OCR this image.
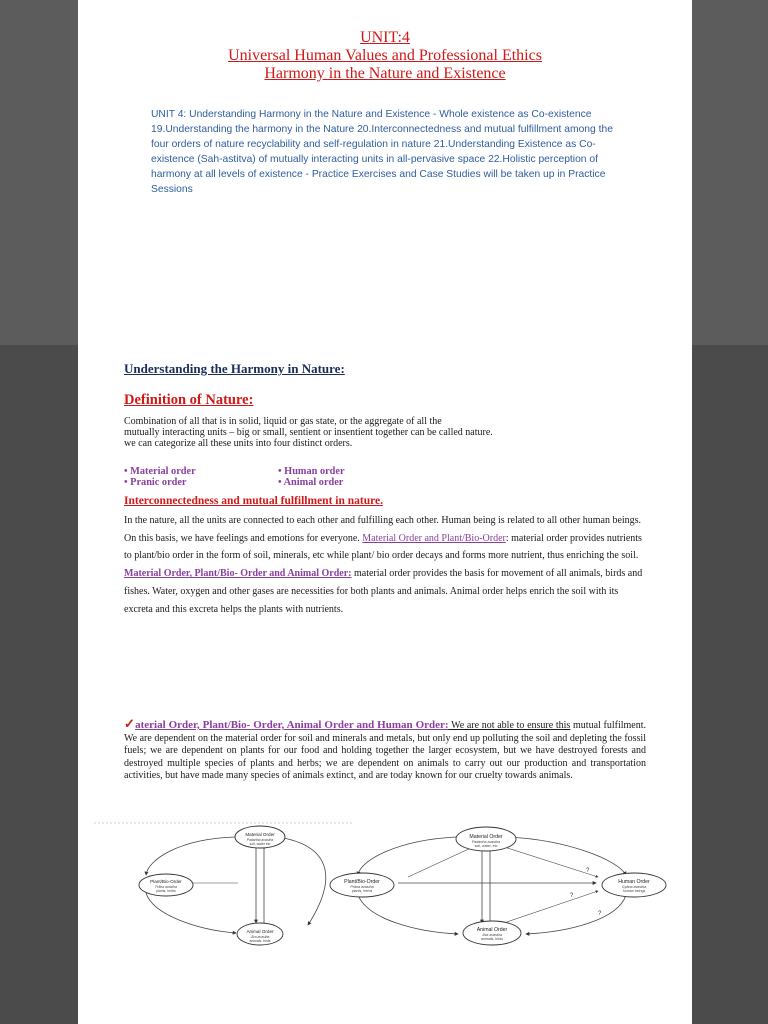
UNIT:4
Universal Human Values and Professional Ethics
Harmony in the Nature and Existence
UNIT 4: Understanding Harmony in the Nature and Existence - Whole existence as Co-existence 19.Understanding the harmony in the Nature 20.Interconnectedness and mutual fulfillment among the four orders of nature recyclability and self-regulation in nature 21.Understanding Existence as Co-existence (Sah-astitva) of mutually interacting units in all-pervasive space 22.Holistic perception of harmony at all levels of existence - Practice Exercises and Case Studies will be taken up in Practice Sessions
Understanding the Harmony in Nature:
Definition of Nature:
Combination of all that is in solid, liquid or gas state, or the aggregate of all the
mutually interacting units – big or small, sentient or insentient together can be called nature.
we can categorize all these units into four distinct orders.
• Material order
• Pranic order
• Human order
• Animal order
Interconnectedness and mutual fulfillment in nature.
In the nature, all the units are connected to each other and fulfilling each other. Human being is related to all other human beings. On this basis, we have feelings and emotions for everyone. Material Order and Plant/Bio-Order: material order provides nutrients to plant/bio order in the form of soil, minerals, etc while plant/ bio order decays and forms more nutrient, thus enriching the soil. Material Order, Plant/Bio- Order and Animal Order: material order provides the basis for movement of all animals, birds and fishes. Water, oxygen and other gases are necessities for both plants and animals. Animal order helps enrich the soil with its excreta and this excreta helps the plants with nutrients.
✓aterial Order, Plant/Bio- Order, Animal Order and Human Order: We are not able to ensure this mutual fulfilment. We are dependent on the material order for soil and minerals and metals, but only end up polluting the soil and depleting the fossil fuels; we are dependent on plants for our food and holding together the larger ecosystem, but we have destroyed forests and destroyed multiple species of plants and herbs; we are dependent on animals to carry out our production and transportation activities, but have made many species of animals extinct, and are today known for our cruelty towards animals.
Material Order
Padartha avastha
soil, water etc
Plant/Bio-Order
Prāna avastha
plants, herbs
Animal Order
Jīva avastha
animals, birds
?
?
?
Material Order
Padartha avastha
soil, water, etc
Plant/Bio-Order
Prāna avastha
plants, herbs
Human Order
Gyāna avastha
human beings
Animal Order
Jīva avastha
animals, birds
